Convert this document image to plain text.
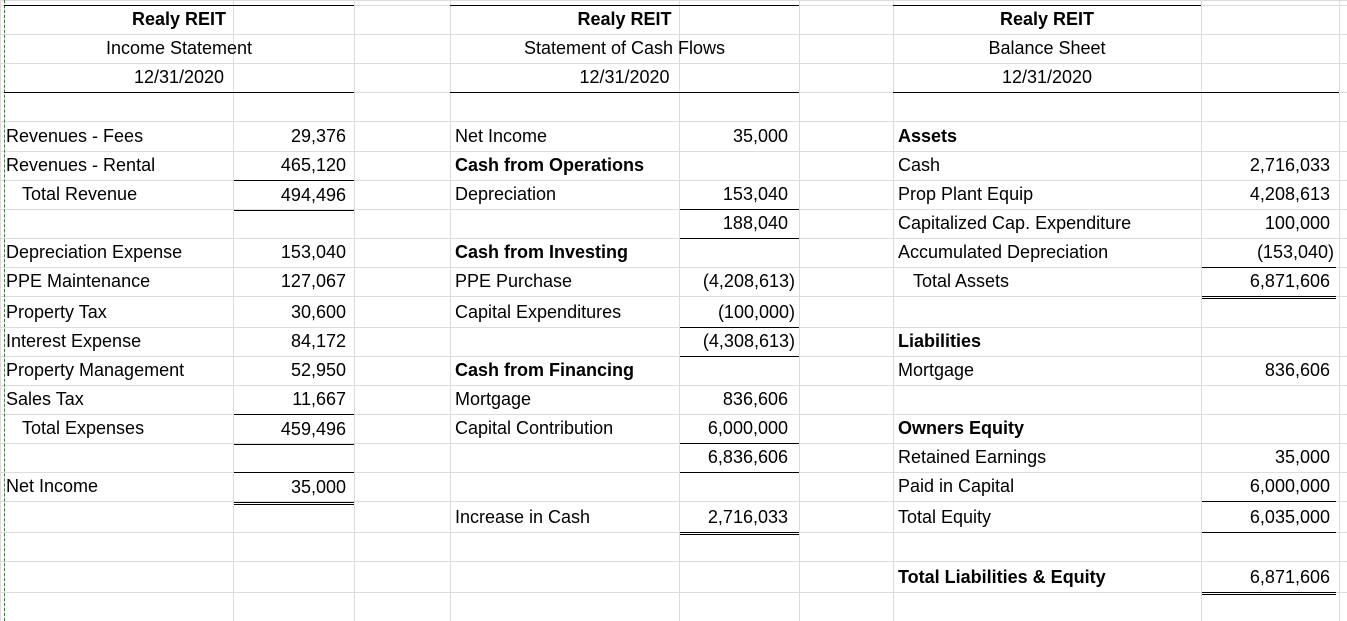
Realy REIT
Income Statement
12/31/2020
Revenues - Fees	29,376
Revenues - Rental	465,120
Total Revenue	494,496
Depreciation Expense	153,040
PPE Maintenance	127,067
Property Tax	30,600
Interest Expense	84,172
Property Management	52,950
Sales Tax	11,667
Total Expenses	459,496
Net Income	35,000
Realy REIT
Statement of Cash Flows
12/31/2020
Net Income	35,000
Cash from Operations
Depreciation	153,040
188,040
Cash from Investing
PPE Purchase	(4,208,613)
Capital Expenditures	(100,000)
(4,308,613)
Cash from Financing
Mortgage	836,606
Capital Contribution	6,000,000
6,836,606
Increase in Cash	2,716,033
Realy REIT
Balance Sheet
12/31/2020
Assets
Cash	2,716,033
Prop Plant Equip	4,208,613
Capitalized Cap. Expenditure	100,000
Accumulated Depreciation	(153,040)
Total Assets	6,871,606
Liabilities
Mortgage	836,606
Owners Equity
Retained Earnings	35,000
Paid in Capital	6,000,000
Total Equity	6,035,000
Total Liabilities & Equity	6,871,606
